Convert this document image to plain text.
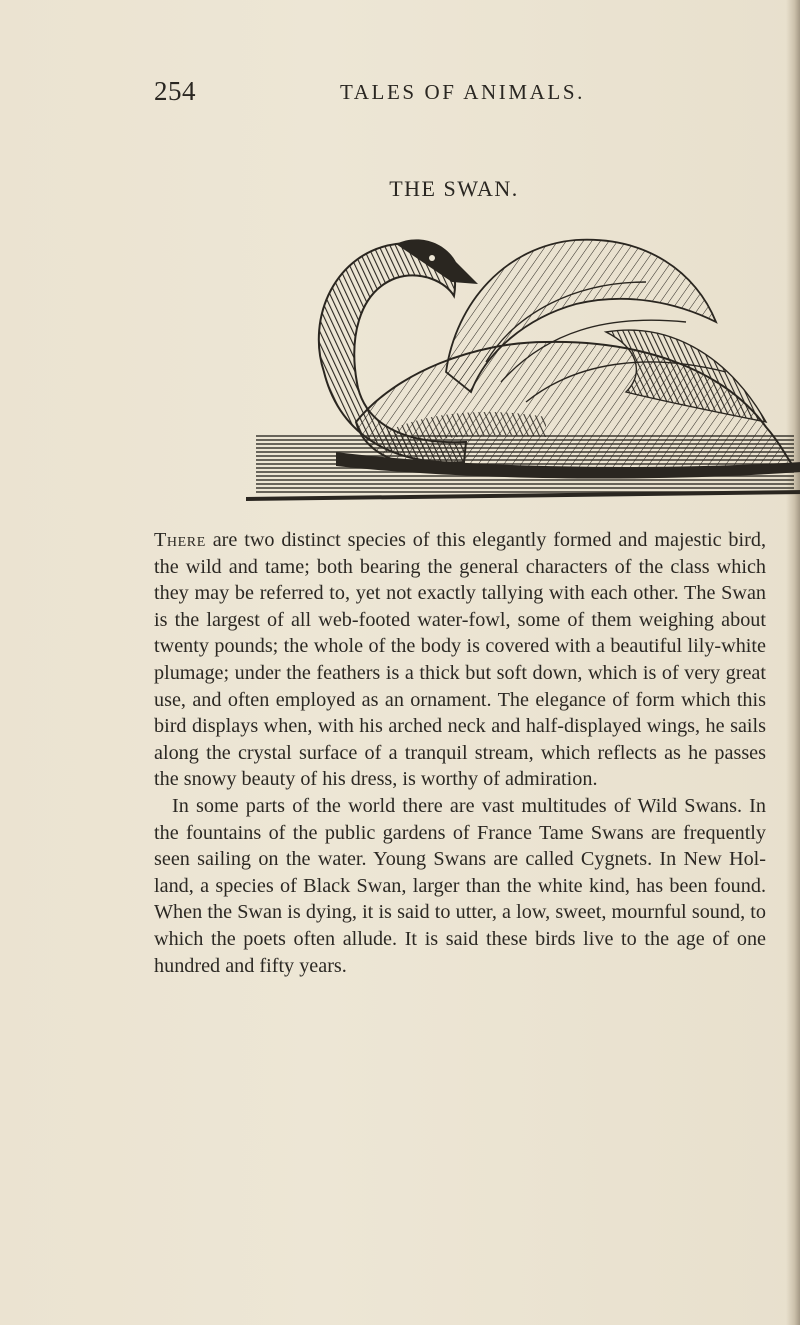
254	TALES OF ANIMALS.
THE SWAN.

There are two distinct species of this elegantly formed and majestic bird, the wild and tame; both bearing the general characters of the class which they may be referred to, yet not exactly tallying with each other. The Swan is the largest of all web-footed water-fowl, some of them weighing about twenty pounds; the whole of the body is covered with a beautiful lily-white plumage; under the feathers is a thick but soft down, which is of very great use, and often employed as an ornament. The elegance of form which this bird displays when, with his arched neck and half-displayed wings, he sails along the crystal surface of a tranquil stream, which reflects as he passes the snowy beauty of his dress, is worthy of admiration.

In some parts of the world there are vast multitudes of Wild Swans. In the fountains of the public gardens of France Tame Swans are frequently seen sailing on the water. Young Swans are called Cygnets. In New Hol-land, a species of Black Swan, larger than the white kind, has been found. When the Swan is dying, it is said to utter, a low, sweet, mournful sound, to which the poets often allude. It is said these birds live to the age of one hundred and fifty years.
